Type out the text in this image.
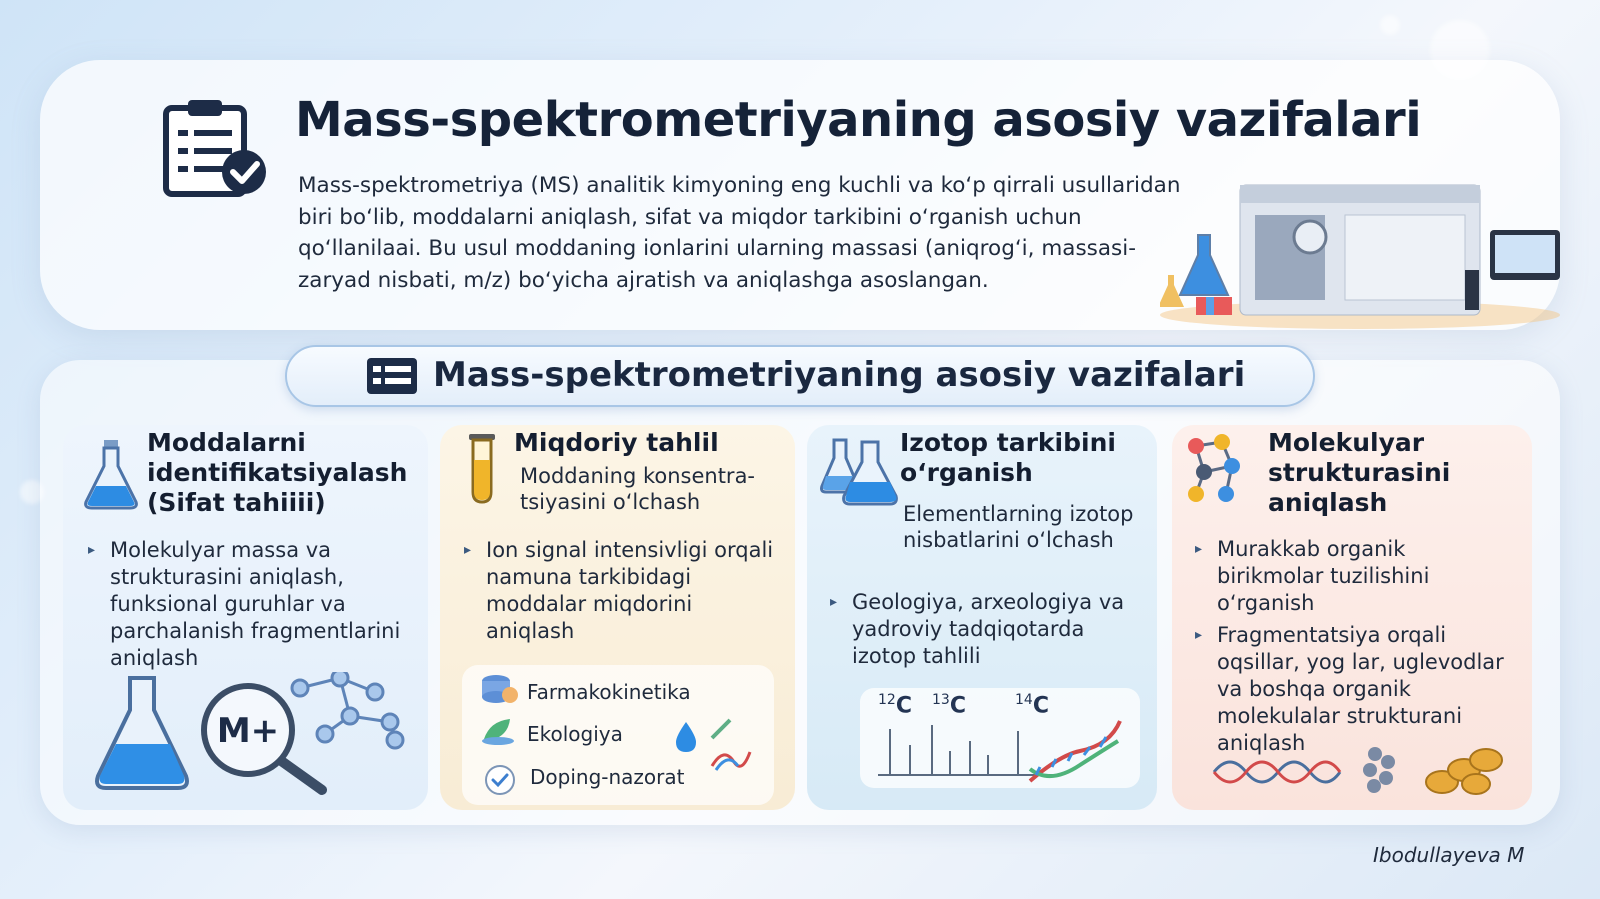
Mass-spektrometriyaning asosiy vazifalari
Mass-spektrometriya (MS) analitik kimyoning eng kuchli va ko‘p qirrali usullaridan biri bo‘lib, moddalarni aniqlash, sifat va miqdor tarkibini o‘rganish uchun qo‘llanilaai. Bu usul moddaning ionlarini ularning massasi (aniqrog‘i, massasi-zaryad nisbati, m/z) bo‘yicha ajratish va aniqlashga asoslangan.
Mass-spektrometriyaning asosiy vazifalari
Moddalarni
identifikatsiyalash
(Sifat tahiiii)
▸ Molekulyar massa va strukturasini aniqlash, funksional guruhlar va parchalanish fragmentlarini aniqlash
M+
Miqdoriy tahlil
Moddaning konsentra-tsiyasini o‘lchash
▸ Ion signal intensivligi orqali namuna tarkibidagi moddalar miqdorini aniqlash
Farmakokinetika
Ekologiya
Doping-nazorat
Izotop tarkibini
o‘rganish
Elementlarning izotop nisbatlarini o‘lchash
▸ Geologiya, arxeologiya va yadroviy tadqiqotarda izotop tahlili
$^{12}$C $^{13}$C	$^{14}$C
Molekulyar
strukturasini
aniqlash
▸ Murakkab organik birikmolar tuzilishini o‘rganish
▸ Fragmentatsiya orqali oqsillar, yog lar, uglevodlar va boshqa organik molekulalar strukturani aniqlash
Ibodullayeva M
